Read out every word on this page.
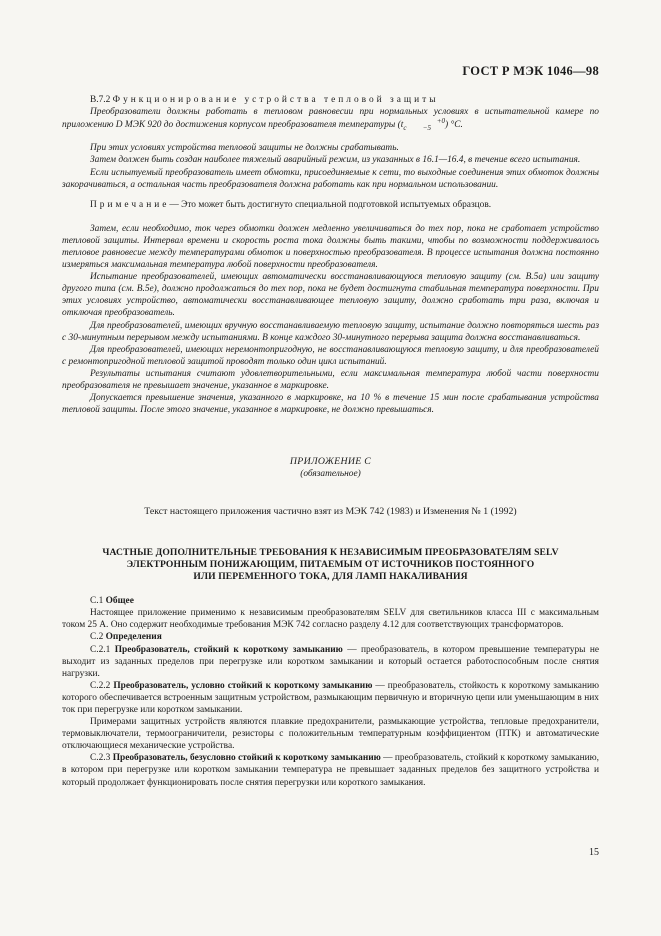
ГОСТ Р МЭК 1046—98

В.7.2 Функционирование устройства тепловой защиты

Преобразователи должны работать в тепловом равновесии при нормальных условиях в испытательной камере по приложению D МЭК 920 до достижения корпусом преобразователя температуры ($t_c +0$
−5 ) °C.

При этих условиях устройства тепловой защиты не должны срабатывать.

Затем должен быть создан наиболее тяжелый аварийный режим, из указанных в 16.1—16.4, в течение всего испытания.

Если испытуемый преобразователь имеет обмотки, присоединяемые к сети, то выходные соединения этих обмоток должны закорачиваться, а остальная часть преобразователя должна работать как при нормальном использовании.

Примечание— Это может быть достигнуто специальной подготовкой испытуемых образцов.

Затем, если необходимо, ток через обмотки должен медленно увеличиваться до тех пор, пока не сработает устройство тепловой защиты. Интервал времени и скорость роста тока должны быть такими, чтобы по возможности поддерживалось тепловое равновесие между температурами обмоток и поверхностью преобразователя. В процессе испытания должна постоянно измеряться максимальная температура любой поверхности преобразователя.

Испытание преобразователей, имеющих автоматически восстанавливающуюся тепловую защиту (см. В.5а) или защиту другого типа (см. В.5е), должно продолжаться до тех пор, пока не будет достигнута стабильная температура поверхности. При этих условиях устройство, автоматически восстанавливающее тепловую защиту, должно сработать три раза, включая и отключая преобразователь.

Для преобразователей, имеющих вручную восстанавливаемую тепловую защиту, испытание должно повторяться шесть раз с 30-минутным перерывом между испытаниями. В конце каждого 30-минутного перерыва защита должна восстанавливаться.

Для преобразователей, имеющих неремонтопригодную, не восстанавливающуюся тепловую защиту, и для преобразователей с ремонтопригодной тепловой защитой проводят только один цикл испытаний.

Результаты испытания считают удовлетворительными, если максимальная температура любой части поверхности преобразователя не превышает значение, указанное в маркировке.

Допускается превышение значения, указанного в маркировке, на 10 % в течение 15 мин после срабатывания устройства тепловой защиты. После этого значение, указанное в маркировке, не должно превышаться.

ПРИЛОЖЕНИЕ С

(обязательное)

Текст настоящего приложения частично взят из МЭК 742 (1983) и Изменения № 1 (1992)

ЧАСТНЫЕ ДОПОЛНИТЕЛЬНЫЕ ТРЕБОВАНИЯ К НЕЗАВИСИМЫМ ПРЕОБРАЗОВАТЕЛЯМ SELV
ЭЛЕКТРОННЫМ ПОНИЖАЮЩИМ, ПИТАЕМЫМ ОТ ИСТОЧНИКОВ ПОСТОЯННОГО
ИЛИ ПЕРЕМЕННОГО ТОКА, ДЛЯ ЛАМП НАКАЛИВАНИЯ

С.1 Общее

Настоящее приложение применимо к независимым преобразователям SELV для светильников класса III с максимальным током 25 А. Оно содержит необходимые требования МЭК 742 согласно разделу 4.12 для соответствующих трансформаторов.

С.2 Определения

С.2.1 Преобразователь, стойкий к короткому замыканию — преобразователь, в котором превышение температуры не выходит из заданных пределов при перегрузке или коротком замыкании и который остается работоспособным после снятия нагрузки.

С.2.2 Преобразователь, условно стойкий к короткому замыканию — преобразователь, стойкость к короткому замыканию которого обеспечивается встроенным защитным устройством, размыкающим первичную и вторичную цепи или уменьшающим в них ток при перегрузке или коротком замыкании.

Примерами защитных устройств являются плавкие предохранители, размыкающие устройства, тепловые предохранители, термовыключатели, термоограничители, резисторы с положительным температурным коэффициентом (ПТК) и автоматические отключающиеся механические устройства.

С.2.3 Преобразователь, безусловно стойкий к короткому замыканию — преобразователь, стойкий к короткому замыканию, в котором при перегрузке или коротком замыкании температура не превышает заданных пределов без защитного устройства и который продолжает функционировать после снятия перегрузки или короткого замыкания.

15
